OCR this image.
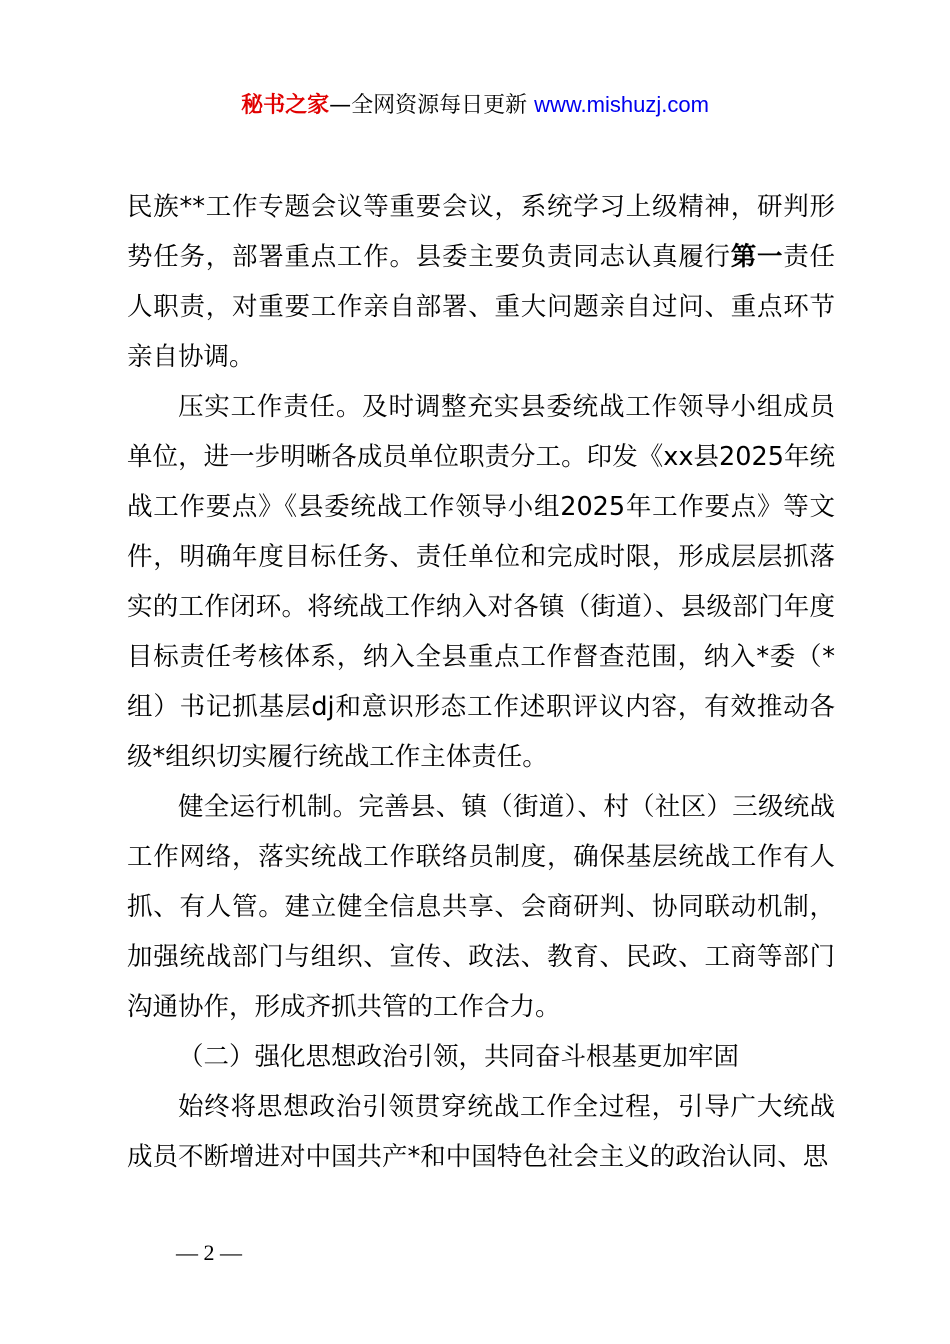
秘书之家—全网资源每日更新 www.mishuzj.com

民族**工作专题会议等重要会议，系统学习上级精神，研判形势任务，部署重点工作。县委主要负责同志认真履行第一责任人职责，对重要工作亲自部署、重大问题亲自过问、重点环节亲自协调。

压实工作责任。及时调整充实县委统战工作领导小组成员单位，进一步明晰各成员单位职责分工。印发《xx县2025年统战工作要点》《县委统战工作领导小组2025年工作要点》等文件，明确年度目标任务、责任单位和完成时限，形成层层抓落实的工作闭环。将统战工作纳入对各镇（街道）、县级部门年度目标责任考核体系，纳入全县重点工作督查范围，纳入*委（*组）书记抓基层dj和意识形态工作述职评议内容，有效推动各级*组织切实履行统战工作主体责任。

健全运行机制。完善县、镇（街道）、村（社区）三级统战工作网络，落实统战工作联络员制度，确保基层统战工作有人抓、有人管。建立健全信息共享、会商研判、协同联动机制，加强统战部门与组织、宣传、政法、教育、民政、工商等部门沟通协作，形成齐抓共管的工作合力。

（二）强化思想政治引领，共同奋斗根基更加牢固

始终将思想政治引领贯穿统战工作全过程，引导广大统战成员不断增进对中国共产*和中国特色社会主义的政治认同、思

— 2 —
